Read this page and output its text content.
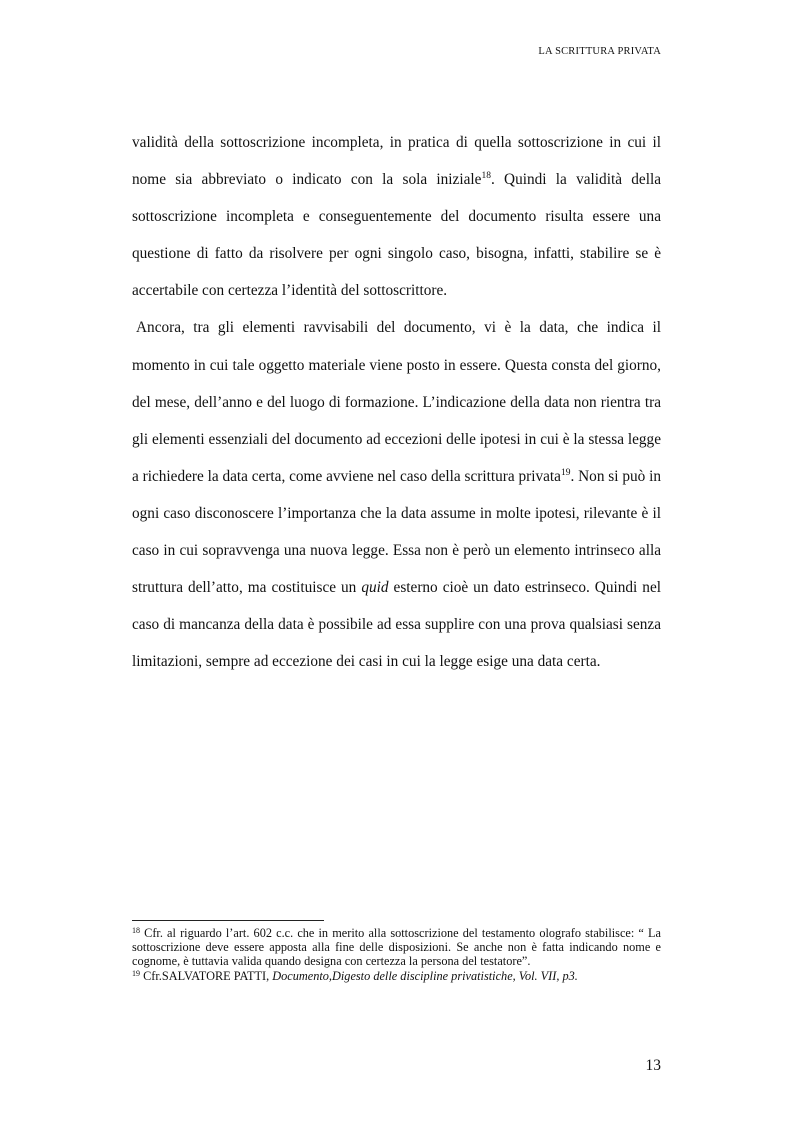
LA SCRITTURA PRIVATA

validità della sottoscrizione incompleta, in pratica di quella sottoscrizione in cui il nome sia abbreviato o indicato con la sola iniziale$^{18}$. Quindi la validità della sottoscrizione incompleta e conseguentemente del documento risulta essere una questione di fatto da risolvere per ogni singolo caso, bisogna, infatti, stabilire se è accertabile con certezza l’identità del sottoscrittore.

Ancora, tra gli elementi ravvisabili del documento, vi è la data, che indica il momento in cui tale oggetto materiale viene posto in essere. Questa consta del giorno, del mese, dell’anno e del luogo di formazione. L’indicazione della data non rientra tra gli elementi essenziali del documento ad eccezioni delle ipotesi in cui è la stessa legge a richiedere la data certa, come avviene nel caso della scrittura privata$^{19}$. Non si può in ogni caso disconoscere l’importanza che la data assume in molte ipotesi, rilevante è il caso in cui sopravvenga una nuova legge. Essa non è però un elemento intrinseco alla struttura dell’atto, ma costituisce un quid esterno cioè un dato estrinseco. Quindi nel caso di mancanza della data è possibile ad essa supplire con una prova qualsiasi senza limitazioni, sempre ad eccezione dei casi in cui la legge esige una data certa.

$^{18}$ Cfr. al riguardo l’art. 602 c.c. che in merito alla sottoscrizione del testamento olografo stabilisce: “ La sottoscrizione deve essere apposta alla fine delle disposizioni. Se anche non è fatta indicando nome e cognome, è tuttavia valida quando designa con certezza la persona del testatore”.

$^{19}$ Cfr.SALVATORE PATTI, Documento,Digesto delle discipline privatistiche, Vol. VII, p3.

13
